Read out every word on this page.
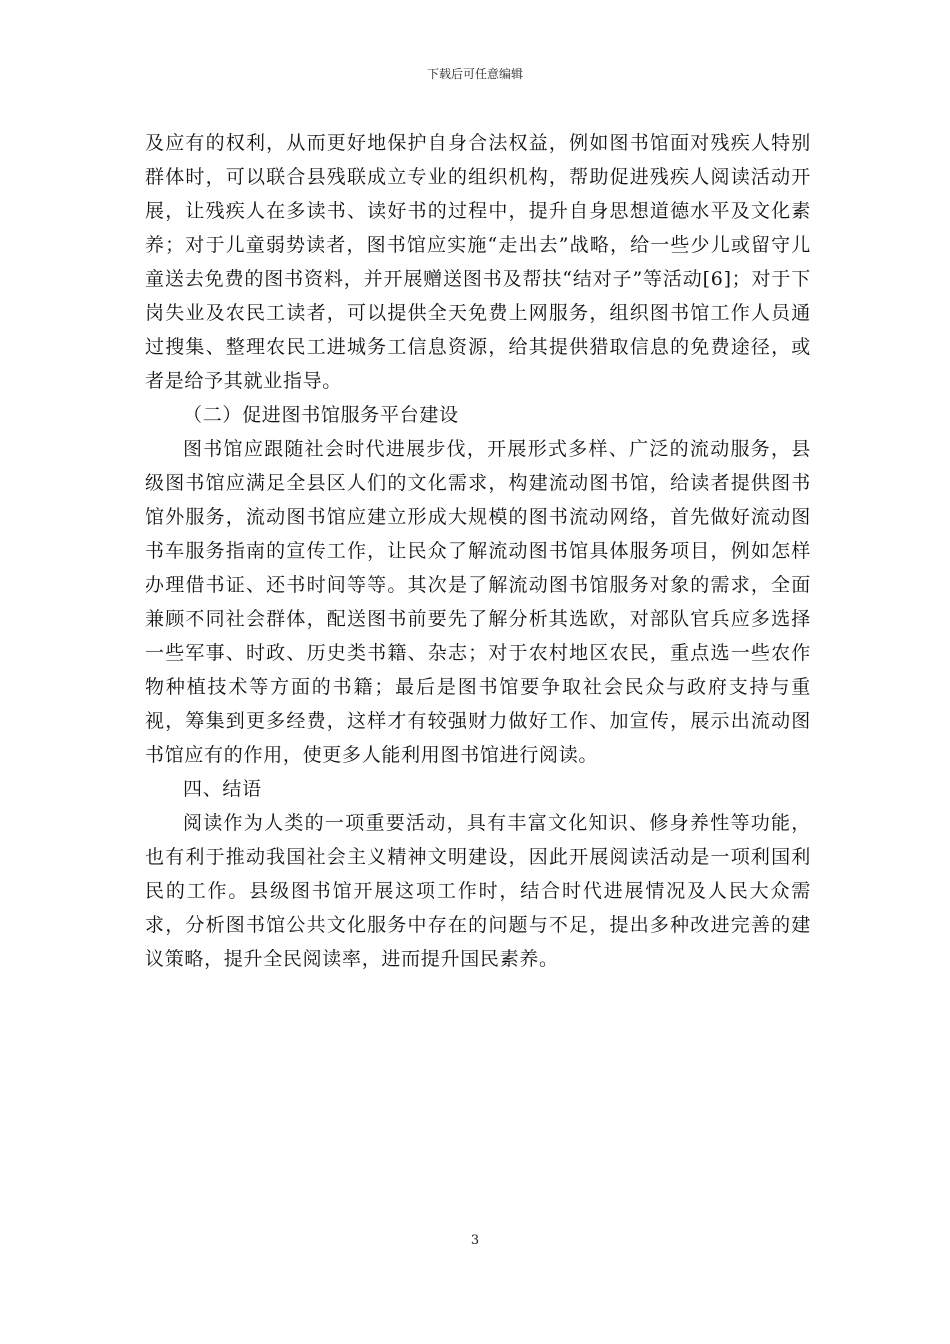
下载后可任意编辑

及应有的权利，从而更好地保护自身合法权益，例如图书馆面对残疾人特别群体时，可以联合县残联成立专业的组织机构，帮助促进残疾人阅读活动开展，让残疾人在多读书、读好书的过程中，提升自身思想道德水平及文化素养；对于儿童弱势读者，图书馆应实施“走出去”战略，给一些少儿或留守儿童送去免费的图书资料，并开展赠送图书及帮扶“结对子”等活动[6]；对于下岗失业及农民工读者，可以提供全天免费上网服务，组织图书馆工作人员通过搜集、整理农民工进城务工信息资源，给其提供猎取信息的免费途径，或者是给予其就业指导。

（二）促进图书馆服务平台建设

图书馆应跟随社会时代进展步伐，开展形式多样、广泛的流动服务，县级图书馆应满足全县区人们的文化需求，构建流动图书馆，给读者提供图书馆外服务，流动图书馆应建立形成大规模的图书流动网络，首先做好流动图书车服务指南的宣传工作，让民众了解流动图书馆具体服务项目，例如怎样办理借书证、还书时间等等。其次是了解流动图书馆服务对象的需求，全面兼顾不同社会群体，配送图书前要先了解分析其选欧，对部队官兵应多选择一些军事、时政、历史类书籍、杂志；对于农村地区农民，重点选一些农作物种植技术等方面的书籍；最后是图书馆要争取社会民众与政府支持与重视，筹集到更多经费，这样才有较强财力做好工作、加宣传，展示出流动图书馆应有的作用，使更多人能利用图书馆进行阅读。

四、结语

阅读作为人类的一项重要活动，具有丰富文化知识、修身养性等功能，也有利于推动我国社会主义精神文明建设，因此开展阅读活动是一项利国利民的工作。县级图书馆开展这项工作时，结合时代进展情况及人民大众需求，分析图书馆公共文化服务中存在的问题与不足，提出多种改进完善的建议策略，提升全民阅读率，进而提升国民素养。

3
